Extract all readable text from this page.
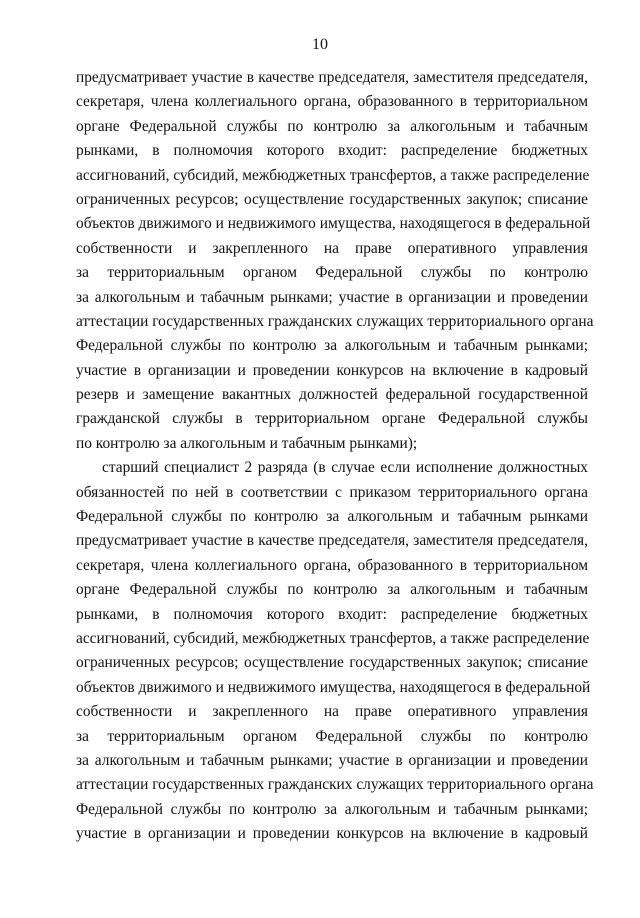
10
предусматривает участие в качестве председателя, заместителя председателя,
секретаря, члена коллегиального органа, образованного в территориальном
органе Федеральной службы по контролю за алкогольным и табачным
рынками, в полномочия которого входит: распределение бюджетных
ассигнований, субсидий, межбюджетных трансфертов, а также распределение
ограниченных ресурсов; осуществление государственных закупок; списание
объектов движимого и недвижимого имущества, находящегося в федеральной
собственности и закрепленного на праве оперативного управления
за территориальным органом Федеральной службы по контролю
за алкогольным и табачным рынками; участие в организации и проведении
аттестации государственных гражданских служащих территориального органа
Федеральной службы по контролю за алкогольным и табачным рынками;
участие в организации и проведении конкурсов на включение в кадровый
резерв и замещение вакантных должностей федеральной государственной
гражданской службы в территориальном органе Федеральной службы
по контролю за алкогольным и табачным рынками);
старший специалист 2 разряда (в случае если исполнение должностных
обязанностей по ней в соответствии с приказом территориального органа
Федеральной службы по контролю за алкогольным и табачным рынками
предусматривает участие в качестве председателя, заместителя председателя,
секретаря, члена коллегиального органа, образованного в территориальном
органе Федеральной службы по контролю за алкогольным и табачным
рынками, в полномочия которого входит: распределение бюджетных
ассигнований, субсидий, межбюджетных трансфертов, а также распределение
ограниченных ресурсов; осуществление государственных закупок; списание
объектов движимого и недвижимого имущества, находящегося в федеральной
собственности и закрепленного на праве оперативного управления
за территориальным органом Федеральной службы по контролю
за алкогольным и табачным рынками; участие в организации и проведении
аттестации государственных гражданских служащих территориального органа
Федеральной службы по контролю за алкогольным и табачным рынками;
участие в организации и проведении конкурсов на включение в кадровый
